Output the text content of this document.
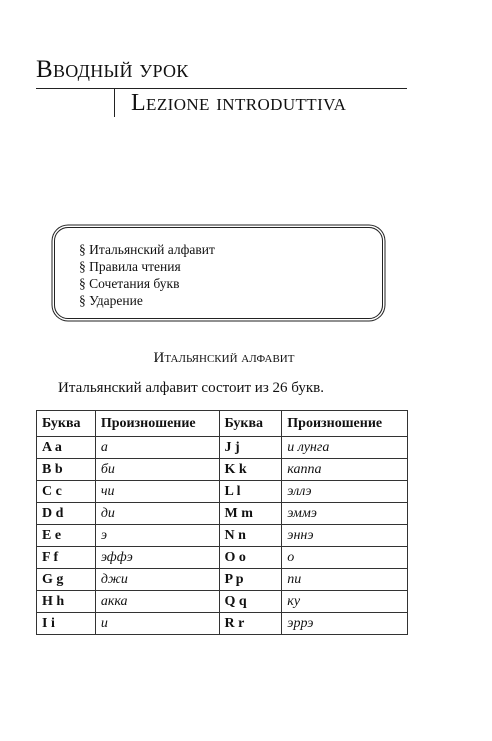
Вводный урок
Lezione introduttiva
§ Итальянский алфавит
§ Правила чтения
§ Сочетания букв
§ Ударение
Итальянский алфавит
Итальянский алфавит состоит из 26 букв.
Буква	Произношение	Буква	Произношение
A a	а	J j	и лунга
B b	би	K k	каппа
C c	чи	L l	эллэ
D d	ди	M m	эммэ
E e	э	N n	эннэ
F f	эффэ	O o	о
G g	джи	P p	пи
H h	акка	Q q	ку
I i	и	R r	эррэ
